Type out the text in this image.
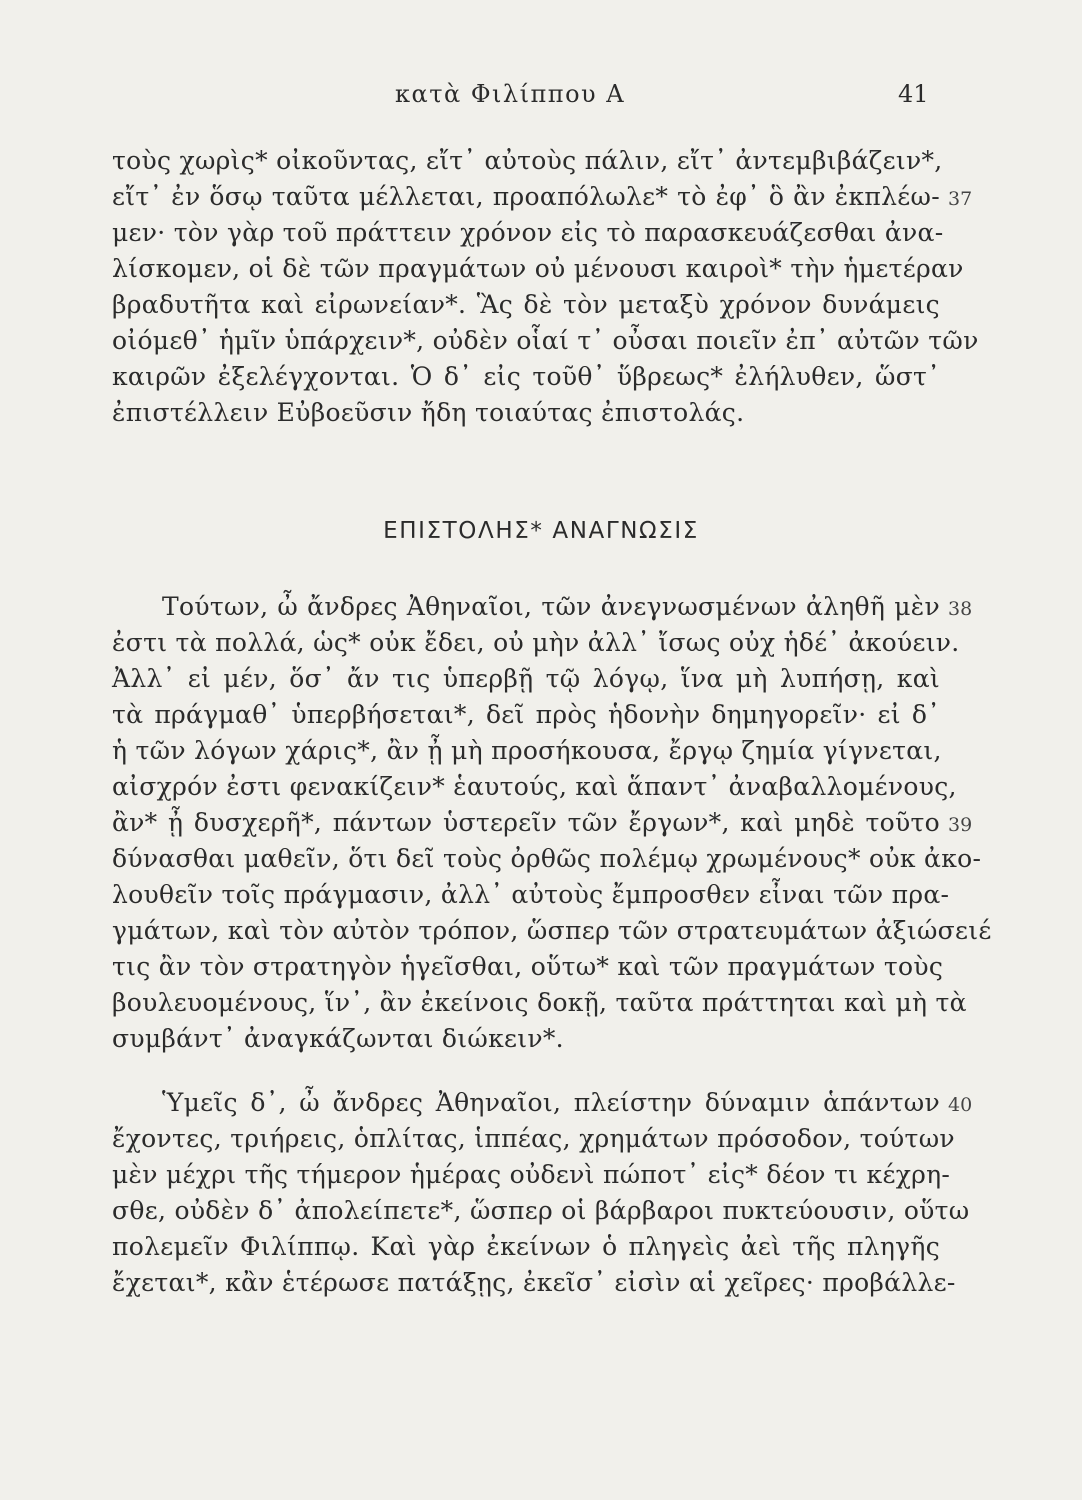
κατὰ Φιλίππου Α	41
τοὺς χωρὶς* οἰκοῦντας, εἴτ᾽ αὐτοὺς πάλιν, εἴτ᾽ ἀντεμβιβάζειν*,
εἴτ᾽ ἐν ὅσῳ ταῦτα μέλλεται, προαπόλωλε* τὸ ἐφ᾽ ὃ ἂν ἐκπλέω-
μεν· τὸν γὰρ τοῦ πράττειν χρόνον εἰς τὸ παρασκευάζεσθαι ἀνα-
λίσκομεν, οἱ δὲ τῶν πραγμάτων οὐ μένουσι καιροὶ* τὴν ἡμετέραν
βραδυτῆτα καὶ εἰρωνείαν*. Ἃς δὲ τὸν μεταξὺ χρόνον δυνάμεις
οἰόμεθ᾽ ἡμῖν ὑπάρχειν*, οὐδὲν οἷαί τ᾽ οὖσαι ποιεῖν ἐπ᾽ αὐτῶν τῶν
καιρῶν ἐξελέγχονται. Ὁ δ᾽ εἰς τοῦθ᾽ ὕβρεως* ἐλήλυθεν, ὥστ᾽
ἐπιστέλλειν Εὐβοεῦσιν ἤδη τοιαύτας ἐπιστολάς.
37
ΕΠΙΣΤΟΛΗΣ* ΑΝΑΓΝΩΣΙΣ
Τούτων, ὦ ἄνδρες Ἀθηναῖοι, τῶν ἀνεγνωσμένων ἀληθῆ μὲν
ἐστι τὰ πολλά, ὡς* οὐκ ἔδει, οὐ μὴν ἀλλ᾽ ἴσως οὐχ ἡδέ᾽ ἀκούειν.
Ἀλλ᾽ εἰ μέν, ὅσ᾽ ἄν τις ὑπερβῇ τῷ λόγῳ, ἵνα μὴ λυπήσῃ, καὶ
τὰ πράγμαθ᾽ ὑπερβήσεται*, δεῖ πρὸς ἡδονὴν δημηγορεῖν· εἰ δ᾽
ἡ τῶν λόγων χάρις*, ἂν ᾖ μὴ προσήκουσα, ἔργῳ ζημία γίγνεται,
αἰσχρόν ἐστι φενακίζειν* ἑαυτούς, καὶ ἅπαντ᾽ ἀναβαλλομένους,
ἂν* ᾖ δυσχερῆ*, πάντων ὑστερεῖν τῶν ἔργων*, καὶ μηδὲ τοῦτο
δύνασθαι μαθεῖν, ὅτι δεῖ τοὺς ὀρθῶς πολέμῳ χρωμένους* οὐκ ἀκο-
λουθεῖν τοῖς πράγμασιν, ἀλλ᾽ αὐτοὺς ἔμπροσθεν εἶναι τῶν πρα-
γμάτων, καὶ τὸν αὐτὸν τρόπον, ὥσπερ τῶν στρατευμάτων ἀξιώσειέ
τις ἂν τὸν στρατηγὸν ἡγεῖσθαι, οὕτω* καὶ τῶν πραγμάτων τοὺς
βουλευομένους, ἵν᾽, ἂν ἐκείνοις δοκῇ, ταῦτα πράττηται καὶ μὴ τὰ
συμβάντ᾽ ἀναγκάζωνται διώκειν*.
38
39
Ὑμεῖς δ᾽, ὦ ἄνδρες Ἀθηναῖοι, πλείστην δύναμιν ἁπάντων
ἔχοντες, τριήρεις, ὁπλίτας, ἱππέας, χρημάτων πρόσοδον, τούτων
μὲν μέχρι τῆς τήμερον ἡμέρας οὐδενὶ πώποτ᾽ εἰς* δέον τι κέχρη-
σθε, οὐδὲν δ᾽ ἀπολείπετε*, ὥσπερ οἱ βάρβαροι πυκτεύουσιν, οὕτω
πολεμεῖν Φιλίππῳ. Καὶ γὰρ ἐκείνων ὁ πληγεὶς ἀεὶ τῆς πληγῆς
ἔχεται*, κἂν ἑτέρωσε πατάξῃς, ἐκεῖσ᾽ εἰσὶν αἱ χεῖρες· προβάλλε-
40
